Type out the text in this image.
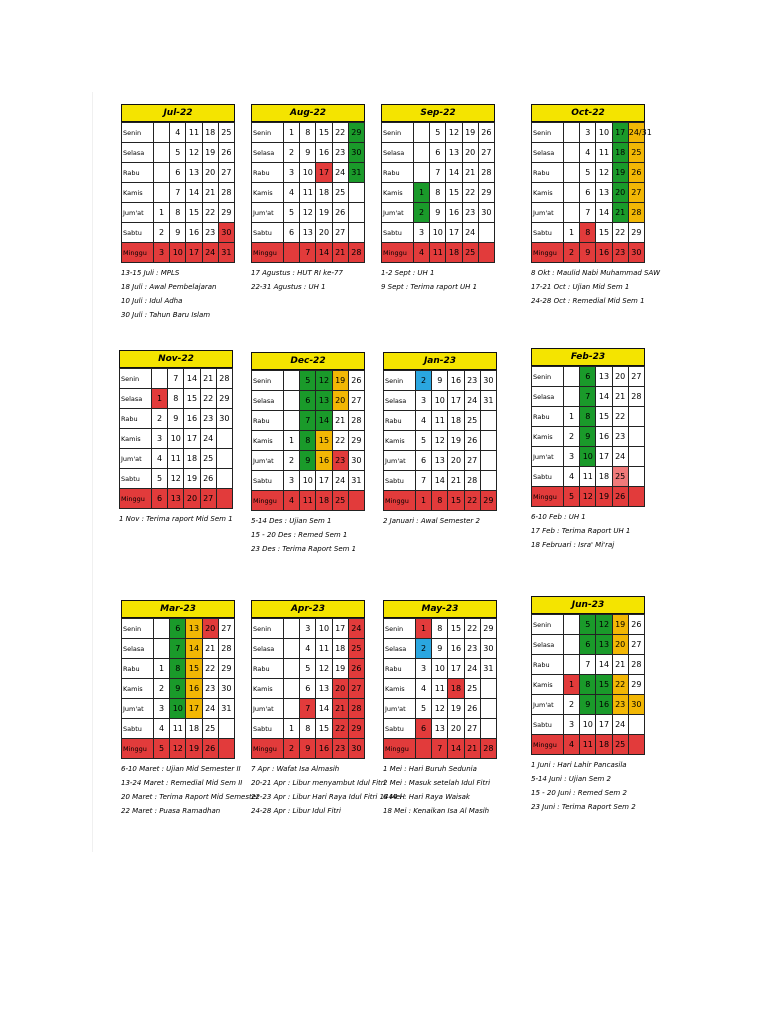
Jul-22
Senin		4	11	18	25
Selasa		5	12	19	26
Rabu		6	13	20	27
Kamis		7	14	21	28
Jum'at	1	8	15	22	29
Sabtu	2	9	16	23	30
Minggu	3	10	17	24	31
13-15 Juli : MPLS
18 Juli : Awal Pembelajaran
10 Juli : Idul Adha
30 Juli : Tahun Baru Islam
Aug-22
Senin	1	8	15	22	29
Selasa	2	9	16	23	30
Rabu	3	10	17	24	31
Kamis	4	11	18	25	
Jum'at	5	12	19	26	
Sabtu	6	13	20	27	
Minggu		7	14	21	28
17 Agustus : HUT RI ke-77
22-31 Agustus : UH 1
Sep-22
Senin		5	12	19	26
Selasa		6	13	20	27
Rabu		7	14	21	28
Kamis	1	8	15	22	29
Jum'at	2	9	16	23	30
Sabtu	3	10	17	24	
Minggu	4	11	18	25	
1-2 Sept : UH 1
9 Sept : Terima raport UH 1
Oct-22
Senin		3	10	17	24/31
Selasa		4	11	18	25
Rabu		5	12	19	26
Kamis		6	13	20	27
Jum'at		7	14	21	28
Sabtu	1	8	15	22	29
Minggu	2	9	16	23	30
8 Okt : Maulid Nabi Muhammad SAW
17-21 Oct : Ujian Mid Sem 1
24-28 Oct : Remedial Mid Sem 1
Nov-22
Senin		7	14	21	28
Selasa	1	8	15	22	29
Rabu	2	9	16	23	30
Kamis	3	10	17	24	
Jum'at	4	11	18	25	
Sabtu	5	12	19	26	
Minggu	6	13	20	27	
1 Nov : Terima raport Mid Sem 1
Dec-22
Senin		5	12	19	26
Selasa		6	13	20	27
Rabu		7	14	21	28
Kamis	1	8	15	22	29
Jum'at	2	9	16	23	30
Sabtu	3	10	17	24	31
Minggu	4	11	18	25	
5-14 Des : Ujian Sem 1
15 - 20 Des : Remed Sem 1
23 Des : Terima Raport Sem 1
Jan-23
Senin	2	9	16	23	30
Selasa	3	10	17	24	31
Rabu	4	11	18	25	
Kamis	5	12	19	26	
Jum'at	6	13	20	27	
Sabtu	7	14	21	28	
Minggu	1	8	15	22	29
2 Januari : Awal Semester 2
Feb-23
Senin		6	13	20	27
Selasa		7	14	21	28
Rabu	1	8	15	22	
Kamis	2	9	16	23	
Jum'at	3	10	17	24	
Sabtu	4	11	18	25	
Minggu	5	12	19	26	
6-10 Feb : UH 1
17 Feb : Terima Raport UH 1
18 Februari : Isra' Mi'raj
Mar-23
Senin		6	13	20	27
Selasa		7	14	21	28
Rabu	1	8	15	22	29
Kamis	2	9	16	23	30
Jum'at	3	10	17	24	31
Sabtu	4	11	18	25	
Minggu	5	12	19	26	
6-10 Maret : Ujian Mid Semester II
13-24 Maret : Remedial Mid Sem II
20 Maret : Terima Raport Mid Semester
22 Maret : Puasa Ramadhan
Apr-23
Senin		3	10	17	24
Selasa		4	11	18	25
Rabu		5	12	19	26
Kamis		6	13	20	27
Jum'at		7	14	21	28
Sabtu	1	8	15	22	29
Minggu	2	9	16	23	30
7 Apr : Wafat Isa Almasih
20-21 Apr : Libur menyambut Idul Fitri
22-23 Apr : Libur Hari Raya Idul Fitri 1444 H
24-28 Apr : Libur Idul Fitri
May-23
Senin	1	8	15	22	29
Selasa	2	9	16	23	30
Rabu	3	10	17	24	31
Kamis	4	11	18	25	
Jum'at	5	12	19	26	
Sabtu	6	13	20	27	
Minggu		7	14	21	28
1 Mei : Hari Buruh Sedunia
2 Mei : Masuk setelah Idul Fitri
6 Mei : Hari Raya Waisak
18 Mei : Kenaikan Isa Al Masih
Jun-23
Senin		5	12	19	26
Selasa		6	13	20	27
Rabu		7	14	21	28
Kamis	1	8	15	22	29
Jum'at	2	9	16	23	30
Sabtu	3	10	17	24	
Minggu	4	11	18	25	
1 Juni : Hari Lahir Pancasila
5-14 Juni : Ujian Sem 2
15 - 20 Juni : Remed Sem 2
23 Juni : Terima Raport Sem 2
